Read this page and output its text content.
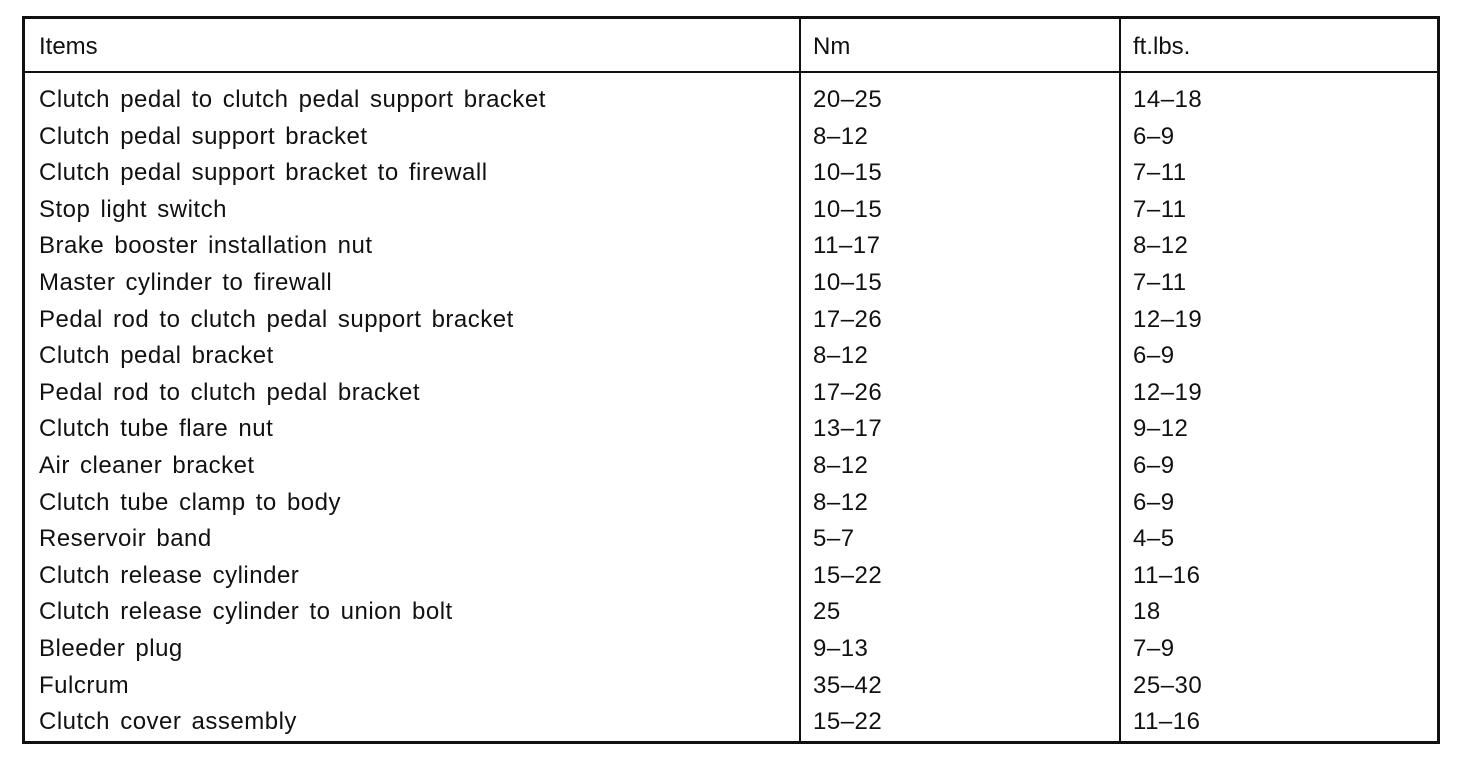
Items	Nm	ft.lbs.
Clutch pedal to clutch pedal support bracket	20–25	14–18
Clutch pedal support bracket	8–12	6–9
Clutch pedal support bracket to firewall	10–15	7–11
Stop light switch	10–15	7–11
Brake booster installation nut	11–17	8–12
Master cylinder to firewall	10–15	7–11
Pedal rod to clutch pedal support bracket	17–26	12–19
Clutch pedal bracket	8–12	6–9
Pedal rod to clutch pedal bracket	17–26	12–19
Clutch tube flare nut	13–17	9–12
Air cleaner bracket	8–12	6–9
Clutch tube clamp to body	8–12	6–9
Reservoir band	5–7	4–5
Clutch release cylinder	15–22	11–16
Clutch release cylinder to union bolt	25	18
Bleeder plug	9–13	7–9
Fulcrum	35–42	25–30
Clutch cover assembly	15–22	11–16
